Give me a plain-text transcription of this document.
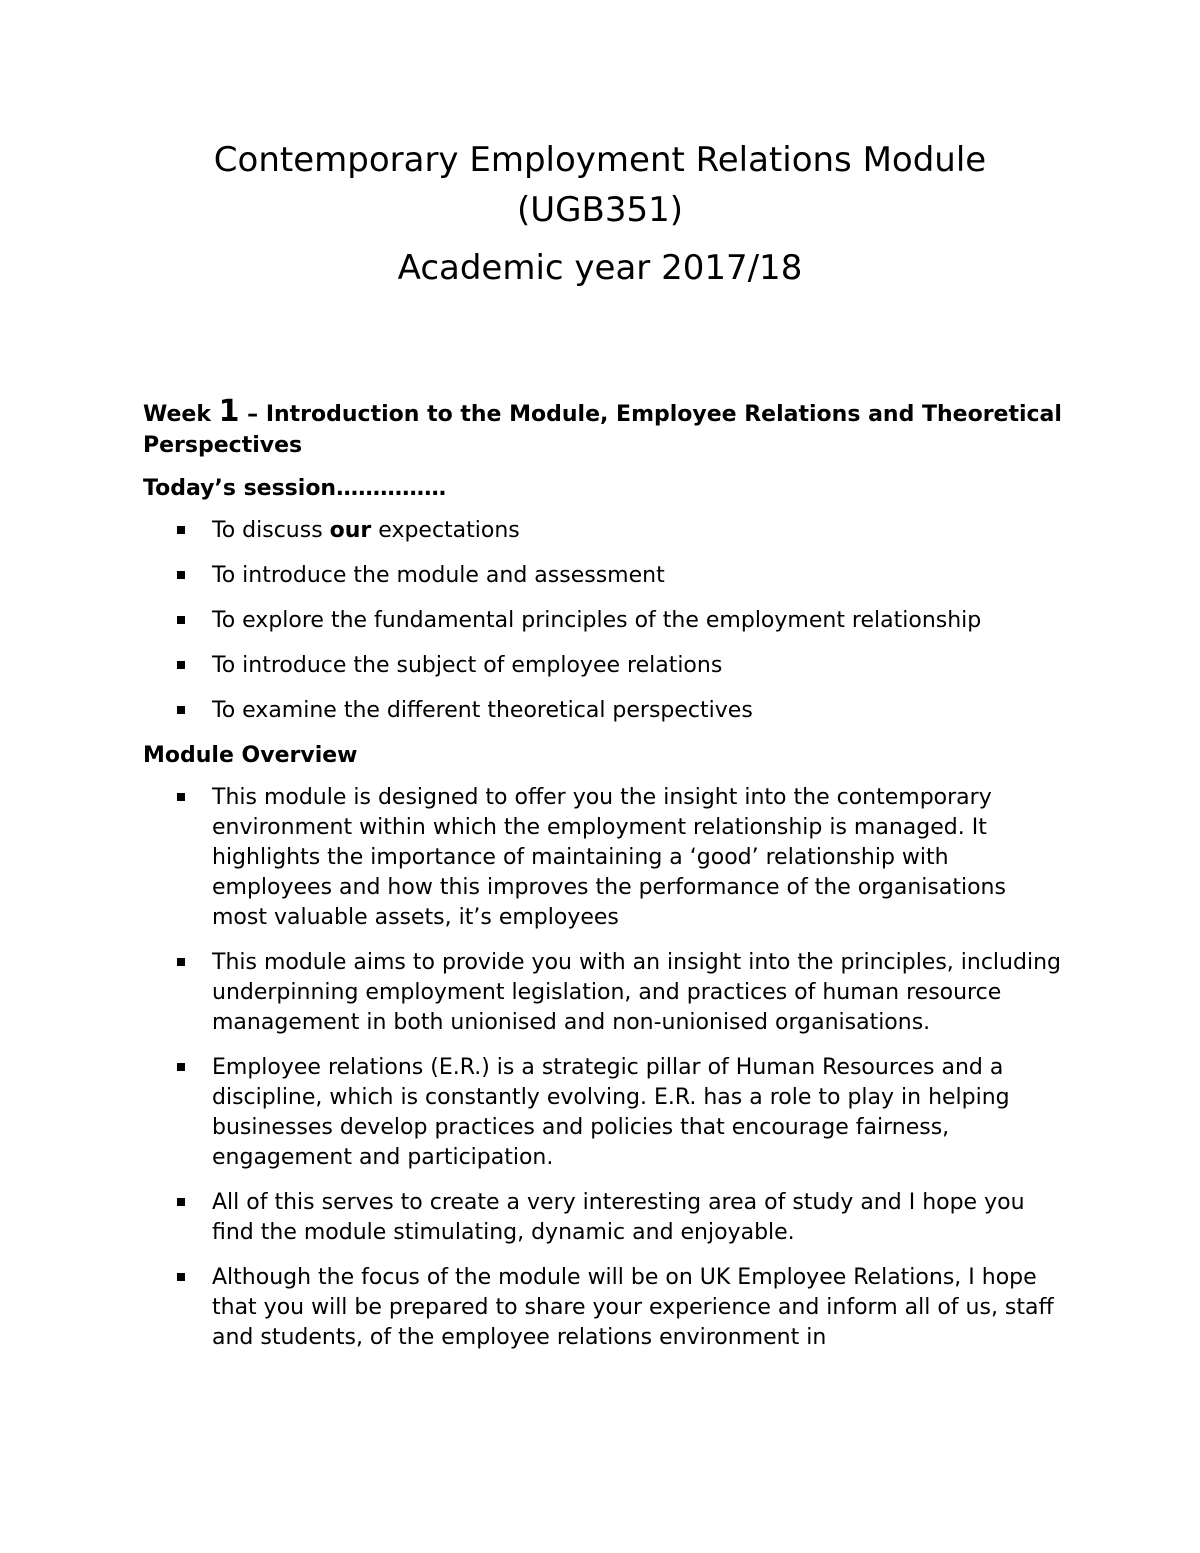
Contemporary Employment Relations Module
(UGB351)
Academic year 2017/18
Week 1 – Introduction to the Module, Employee Relations and Theoretical Perspectives
Today’s session……………
To discuss our expectations
To introduce the module and assessment
To explore the fundamental principles of the employment relationship
To introduce the subject of employee relations
To examine the different theoretical perspectives
Module Overview
This module is designed to offer you the insight into the contemporary environment within which the employment relationship is managed. It highlights the importance of maintaining a ‘good’ relationship with employees and how this improves the performance of the organisations most valuable assets, it’s employees
This module aims to provide you with an insight into the principles, including underpinning employment legislation, and practices of human resource management in both unionised and non-unionised organisations.
Employee relations (E.R.) is a strategic pillar of Human Resources and a discipline, which is constantly evolving. E.R. has a role to play in helping businesses develop practices and policies that encourage fairness, engagement and participation.
All of this serves to create a very interesting area of study and I hope you find the module stimulating, dynamic and enjoyable.
Although the focus of the module will be on UK Employee Relations, I hope that you will be prepared to share your experience and inform all of us, staff and students, of the employee relations environment in
